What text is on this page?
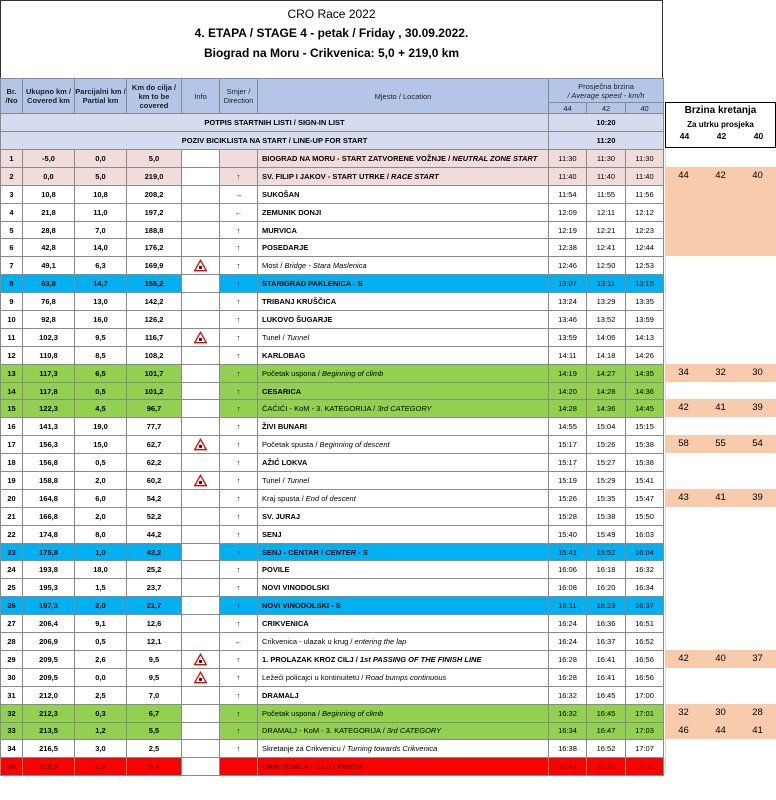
CRO Race 2022
4. ETAPA / STAGE 4 - petak / Friday , 30.09.2022.
Biograd na Moru - Crikvenica: 5,0 + 219,0 km
Br. /No	Ukupno km / Covered km	Parcijalni km / Partial km	Km do cilja / km to be covered	Info	Smjer / Direction	Mjesto / Location	Prosječna brzina
/ Average speed - km/h		
							44	42	40
POTPIS STARTNIH LISTI / SIGN-IN LIST							10:20		
POZIV BICIKLISTA NA START / LINE-UP FOR START							11:20		
1	-5,0	0,0	5,0			BIOGRAD NA MORU - START ZATVORENE VOŽNJE / NEUTRAL ZONE START	11:30	11:30	11:30
2	0,0	5,0	219,0		↑	SV. FILIP I JAKOV - START UTRKE / RACE START	11:40	11:40	11:40
3	10,8	10,8	208,2		→	SUKOŠAN	11:54	11:55	11:56
4	21,8	11,0	197,2		←	ZEMUNIK DONJI	12:09	12:11	12:12
5	28,8	7,0	188,8		↑	MURVICA	12:19	12:21	12:23
6	42,8	14,0	176,2		↑	POSEDARJE	12:38	12:41	12:44
7	49,1	6,3	169,9		↑	Most / Bridge - Stara Maslenica	12:46	12:50	12:53
8	63,8	14,7	155,2		↑	STARIGRAD PAKLENICA - S	13:07	13:11	13:15
9	76,8	13,0	142,2		↑	TRIBANJ KRUŠČICA	13:24	13:29	13:35
10	92,8	16,0	126,2		↑	LUKOVO ŠUGARJE	13:46	13:52	13:59
11	102,3	9,5	116,7		↑	Tunel / Tunnel	13:59	14:06	14:13
12	110,8	8,5	108,2		↑	KARLOBAG	14:11	14:18	14:26
13	117,3	6,5	101,7		↑	Početak uspona / Beginning of climb	14:19	14:27	14:35
14	117,8	0,5	101,2		↑	CESARICA	14:20	14:28	14:36
15	122,3	4,5	96,7		↑	ĆAĆIĆI - KoM - 3. KATEGORIJA / 3rd CATEGORY	14:28	14:36	14:45
16	141,3	19,0	77,7		↑	ŽIVI BUNARI	14:55	15:04	15:15
17	156,3	15,0	62,7		↑	Početak spusta / Beginning of descent	15:17	15:26	15:38
18	156,8	0,5	62,2		↑	AŽIĆ LOKVA	15:17	15:27	15:38
19	158,8	2,0	60,2		↑	Tunel / Tunnel	15:19	15:29	15:41
20	164,8	6,0	54,2		↑	Kraj spusta / End of descent	15:26	15:35	15:47
21	166,8	2,0	52,2		↑	SV. JURAJ	15:28	15:38	15:50
22	174,8	8,0	44,2		↑	SENJ	15:40	15:49	16:03
23	175,8	1,0	43,2		↑	SENJ - CENTAR / CENTER - S	15:41	15:52	16:04
24	193,8	18,0	25,2		↑	POVILE	16:06	16:18	16:32
25	195,3	1,5	23,7		↑	NOVI VINODOLSKI	16:08	16:20	16:34
26	197,3	2,0	21,7		↑	NOVI VINODOLSKI - S	16:11	16:23	16:37
27	206,4	9,1	12,6		↑	CRIKVENICA	16:24	16:36	16:51
28	206,9	0,5	12,1		←	Crikvenica - ulazak u krug / entering the lap	16:24	16:37	16:52
29	209,5	2,6	9,5		↑	1. PROLAZAK KROZ CILJ / 1st PASSING OF THE FINISH LINE	16:28	16:41	16:56
30	209,5	0,0	9,5		↑	Ležeći policajci u kontinuitetu / Road bumps continuous	16:28	16:41	16:56
31	212,0	2,5	7,0		↑	DRAMALJ	16:32	16:45	17:00
32	212,3	0,3	6,7		↑	Početak uspona / Beginning of climb	16:32	16:45	17:01
33	213,5	1,2	5,5		↑	DRAMALJ - KoM - 3. KATEGORIJA / 3rd CATEGORY	16:34	16:47	17:03
34	216,5	3,0	2,5		↑	Skretanje za Crikvenicu / Turning towards Crikvenica	16:38	16:52	17:07
35	219,0	2,5	0,0			CRIKVENICA - CILJ / FINISH	16:41	16:55	17:11
Brzina kretanja
Za utrku prosjeka
44	42	40
44	42	40
34	32	30
42	41	39
58	55	54
43	41	39
42	40	37
32	30	28
46	44	41
